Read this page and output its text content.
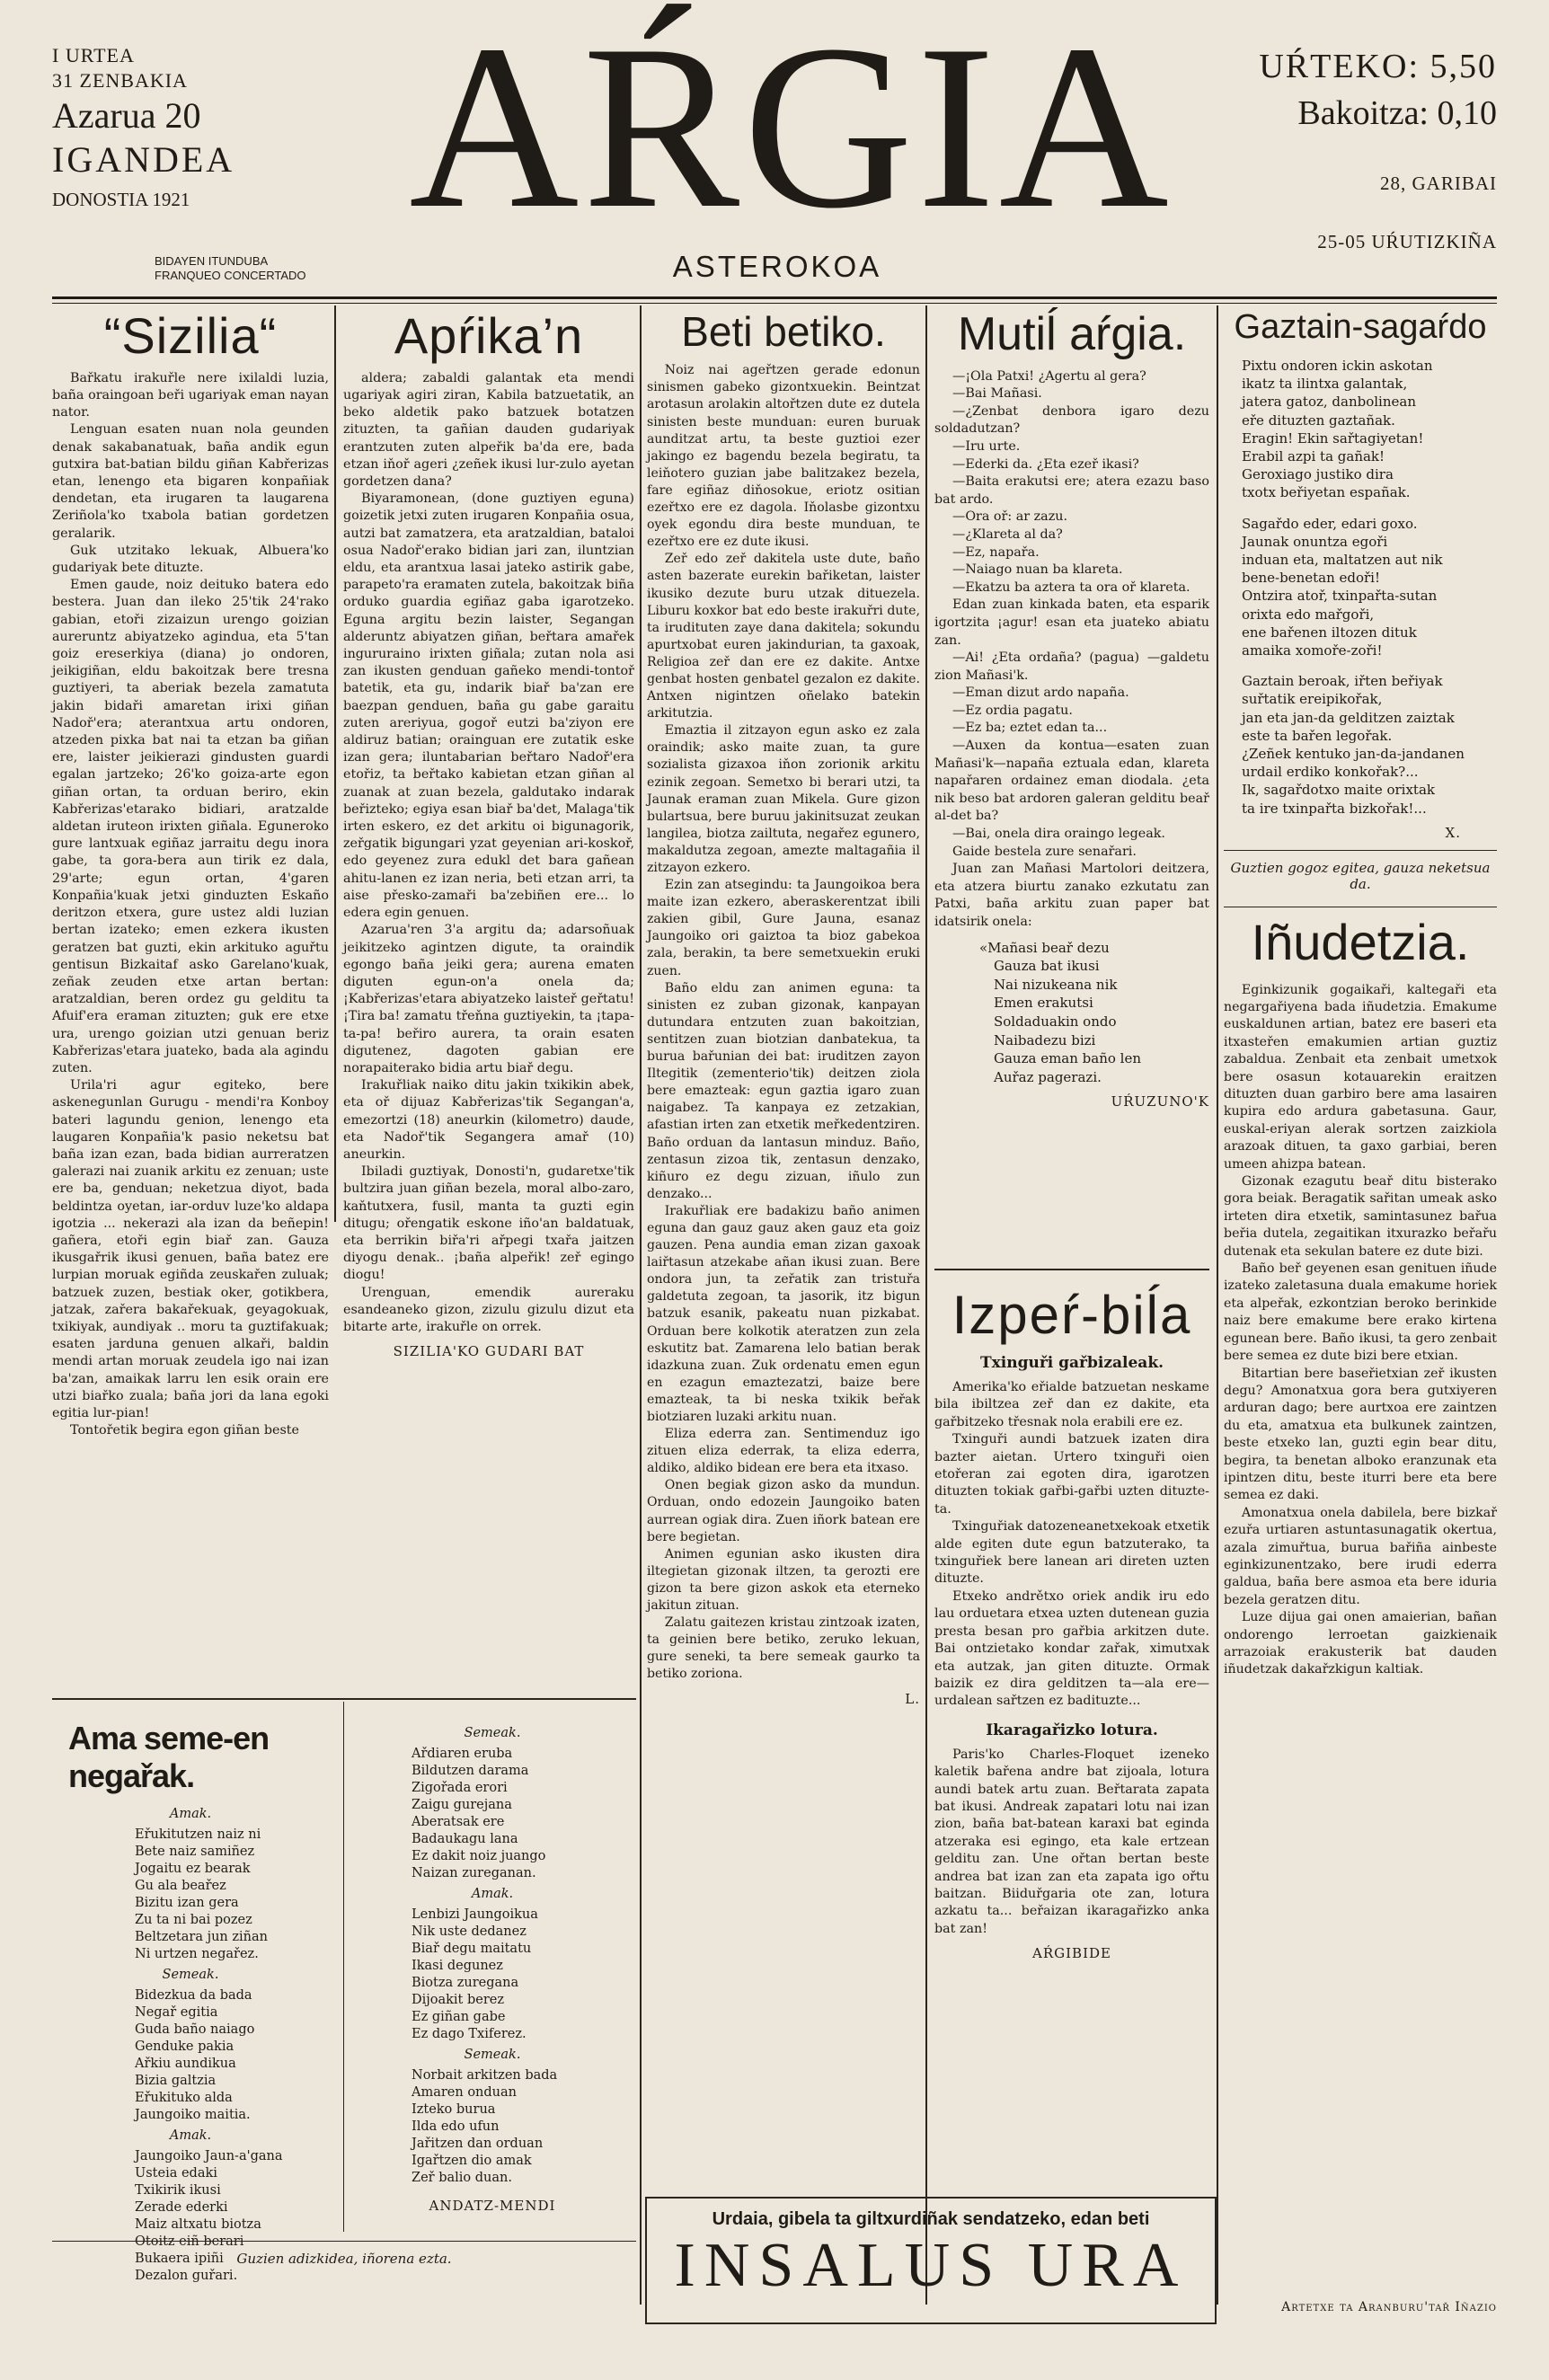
I URTEA
31 ZENBAKIA
Azarua 20
IGANDEA
DONOSTIA 1921
BIDAYEN ITUNDUBA
FRANQUEO CONCERTADO
AŔGIA
ASTEROKOA
UŔTEKO: 5,50
Bakoitza: 0,10
28, GARIBAI
25-05 UŔUTIZKIÑA
“Sizilia“

Bařkatu irakuřle nere ixilaldi luzia, baña oraingoan beři ugariyak eman nayan nator.

Lenguan esaten nuan nola geunden denak sakabanatuak, baña andik egun gutxira bat-batian bildu giñan Kabřerizas etan, lenengo eta bigaren konpañiak dendetan, eta irugaren ta laugarena Zeriñola'ko txabola batian gordetzen geralarik.

Guk utzitako lekuak, Albuera'ko gudariyak bete dituzte.

Emen gaude, noiz deituko batera edo bestera. Juan dan ileko 25'tik 24'rako gabian, etoři zizaizun urengo goizian aureruntz abiyatzeko agindua, eta 5'tan goiz ereserkiya (diana) jo ondoren, jeikigiñan, eldu bakoitzak bere tresna guztiyeri, ta aberiak bezela zamatuta jakin bidaři amaretan irixi giñan Nadoř'era; aterantxua artu ondoren, atzeden pixka bat nai ta etzan ba giñan ere, laister jeikierazi gindusten guardi egalan jartzeko; 26'ko goiza-arte egon giñan ortan, ta orduan beriro, ekin Kabřerizas'etarako bidiari, aratzalde aldetan iruteon irixten giñala. Eguneroko gure lantxuak egiñaz jarraitu degu inora gabe, ta gora-bera aun tirik ez dala, 29'arte; egun ortan, 4'garen Konpañia'kuak jetxi ginduzten Eskaño deritzon etxera, gure ustez aldi luzian bertan izateko; emen ezkera ikusten geratzen bat guzti, ekin arkituko aguřtu gentisun Bizkaitaf asko Garelano'kuak, zeñak zeuden etxe artan bertan: aratzaldian, beren ordez gu gelditu ta Afuif'era eraman zituzten; guk ere etxe ura, urengo goizian utzi genuan beriz Kabřerizas'etara juateko, bada ala agindu zuten.

Urila'ri agur egiteko, bere askenegunlan Gurugu - mendi'ra Konboy bateri lagundu genion, lenengo eta laugaren Konpañia'k pasio neketsu bat baña izan ezan, bada bidian aurreratzen galerazi nai zuanik arkitu ez zenuan; uste ere ba, genduan; neketzua diyot, bada beldintza oyetan, iar-orduv luze'ko aldapa igotzia ... nekerazi ala izan da beñepin! gañera, etoři egin biař zan. Gauza ikusgařrik ikusi genuen, baña batez ere lurpian moruak egiñda zeuskařen zuluak; batzuek zuzen, bestiak oker, gotikbera, jatzak, zařera bakařekuak, geyagokuak, txikiyak, aundiyak .. moru ta guztifakuak; esaten jarduna genuen alkaři, baldin mendi artan moruak zeudela igo nai izan ba'zan, amaikak larru len esik orain ere utzi biařko zuala; baña jori da lana egoki egitia lur-pian!

Tontořetik begira egon giñan beste

Apŕika’n

aldera; zabaldi galantak eta mendi ugariyak agiri ziran, Kabila batzuetatik, an beko aldetik pako batzuek botatzen zituzten, ta gañian dauden gudariyak erantzuten zuten alpeřik ba'da ere, bada etzan iňoř ageri ¿zeñek ikusi lur-zulo ayetan gordetzen dana?

Biyaramonean, (done guztiyen eguna) goizetik jetxi zuten irugaren Konpañia osua, autzi bat zamatzera, eta aratzaldian, bataloi osua Nadoř'erako bidian jari zan, iluntzian eldu, eta arantxua lasai jateko astirik gabe, parapeto'ra eramaten zutela, bakoitzak biña orduko guardia egiñaz gaba igarotzeko. Eguna argitu bezin laister, Segangan alderuntz abiyatzen giñan, beřtara amařek ingururaino irixten giñala; zutan nola asi zan ikusten genduan gañeko mendi-tontoř batetik, eta gu, indarik biař ba'zan ere baezpan genduen, baña gu gabe garaitu zuten areriyua, gogoř eutzi ba'ziyon ere aldiruz batian; orainguan ere zutatik eske izan gera; iluntabarian beřtaro Nadoř'era etořiz, ta beřtako kabietan etzan giñan al zuanak at zuan bezela, galdutako indarak beřizteko; egiya esan biař ba'det, Malaga'tik irten eskero, ez det arkitu oi bigunagorik, zeřgatik bigungari yzat geyenian ari-koskoř, edo geyenez zura edukl det bara gañean ahitu-lanen ez izan neria, beti etzan arri, ta aise přesko-zamaři ba'zebiñen ere... lo edera egin genuen.

Azarua'ren 3'a argitu da; adarsoñuak jeikitzeko agintzen digute, ta oraindik egongo baña jeiki gera; aurena ematen diguten egun-on'a onela da; ¡Kabřerizas'etara abiyatzeko laisteř geřtatu! ¡Tira ba! zamatu třeňna guztiyekin, ta ¡tapa-ta-pa! beřiro aurera, ta orain esaten digutenez, dagoten gabian ere norapaiterako bidia artu biař degu.

Irakuřliak naiko ditu jakin txikikin abek, eta oř dijuaz Kabřerizas'tik Segangan'a, emezortzi (18) aneurkin (kilometro) daude, eta Nadoř'tik Segangera amař (10) aneurkin.

Ibiladi guztiyak, Donosti'n, gudaretxe'tik bultzira juan giñan bezela, moral albo-zaro, kaňtutxera, fusil, manta ta guzti egin ditugu; ořengatik eskone iño'an baldatuak, eta berrikin biřa'ri ařpegi txařa jaitzen diyogu denak.. ¡baña alpeřik! zeř egingo diogu!

Urenguan, emendik aureraku esandeaneko gizon, zizulu gizulu dizut eta bitarte arte, irakuřle on orrek.

SIZILIA'KO GUDARI BAT
Ama seme-en negařak.
Amak.
Eřukitutzen naiz ni
Bete naiz samiñez
Jogaitu ez bearak
Gu ala beařez
Bizitu izan gera
Zu ta ni bai pozez
Beltzetara jun ziñan
Ni urtzen negařez.
Semeak.
Bidezkua da bada
Negař egitia
Guda baño naiago
Genduke pakia
Ařkiu aundikua
Bizia galtzia
Eřukituko alda
Jaungoiko maitia.
Amak.
Jaungoiko Jaun-a'gana
Usteia edaki
Txikirik ikusi
Zerade ederki
Maiz altxatu biotza
Otoitz eiñ berari
Bukaera ipiñi
Dezalon guřari.
Semeak.
Ařdiaren eruba
Bildutzen darama
Zigořada erori
Zaigu gurejana
Aberatsak ere
Badaukagu lana
Ez dakit noiz juango
Naizan zureganan.
Amak.
Lenbizi Jaungoikua
Nik uste dedanez
Biař degu maitatu
Ikasi degunez
Biotza zuregana
Dijoakit berez
Ez giñan gabe
Ez dago Txiferez.
Semeak.
Norbait arkitzen bada
Amaren onduan
Izteko burua
Ilda edo ufun
Jařitzen dan orduan
Igařtzen dio amak
Zeř balio duan.
ANDATZ-MENDI
Guzien adizkidea, iñorena ezta.
Beti betiko.

Noiz nai ageřtzen gerade edonun sinismen gabeko gizontxuekin. Beintzat arotasun arolakin altořtzen dute ez dutela sinisten beste munduan: euren buruak aunditzat artu, ta beste guztioi ezer jakingo ez bagendu bezela begiratu, ta leiňotero guzian jabe balitzakez bezela, fare egiñaz diňosokue, eriotz ositian ezeřtxo ere ez dagola. Iňolasbe gizontxu oyek egondu dira beste munduan, te ezeřtxo ere ez dute ikusi.

Zeř edo zeř dakitela uste dute, baño asten bazerate eurekin bařiketan, laister ikusiko dezute buru utzak dituezela. Liburu koxkor bat edo beste irakuřri dute, ta irudituten zaye dana dakitela; sokundu apurtxobat euren jakindurian, ta gaxoak, Religioa zeř dan ere ez dakite. Antxe genbat hosten genbatel gezalon ez dakite. Antxen nigintzen oñelako batekin arkitutzia.

Emaztia il zitzayon egun asko ez zala oraindik; asko maite zuan, ta gure sozialista gizaxoa iňon zorionik arkitu ezinik zegoan. Semetxo bi berari utzi, ta Jaunak eraman zuan Mikela. Gure gizon bulartsua, bere buruu jakinitsuzat zeukan langilea, biotza zailtuta, negařez egunero, makaldutza zegoan, amezte maltagañia il zitzayon ezkero.

Ezin zan atsegindu: ta Jaungoikoa bera maite izan ezkero, aberaskerentzat ibili zakien gibil, Gure Jauna, esanaz Jaungoiko ori gaiztoa ta bioz gabekoa zala, berakin, ta bere semetxuekin eruki zuen.

Baño eldu zan animen eguna: ta sinisten ez zuban gizonak, kanpayan dutundara entzuten zuan bakoitzian, sentitzen zuan biotzian danbatekua, ta burua bařunian dei bat: iruditzen zayon Iltegitik (zementerio'tik) deitzen ziola bere emazteak: egun gaztia igaro zuan naigabez. Ta kanpaya ez zetzakian, afastian irten zan etxetik meřkedentziren. Baño orduan da lantasun minduz. Baño, zentasun zizoa tik, zentasun denzako, kiñuro ez degu zizuan, iñulo zun denzako...

Irakuřliak ere badakizu baño animen eguna dan gauz gauz aken gauz eta goiz gauzen. Pena aundia eman zizan gaxoak laiřtasun atzekabe añan ikusi zuan. Bere ondora jun, ta zeřatik zan tristuřa galdetuta zegoan, ta jasorik, itz bigun batzuk esanik, pakeatu nuan pizkabat. Orduan bere kolkotik ateratzen zun zela eskutitz bat. Zamarena lelo batian berak idazkuna zuan. Zuk ordenatu emen egun en ezagun emaztezatzi, baize bere emazteak, ta bi neska txikik beřak biotziaren luzaki arkitu nuan.

Eliza ederra zan. Sentimenduz igo zituen eliza ederrak, ta eliza ederra, aldiko, aldiko bidean ere bera eta itxaso.

Onen begiak gizon asko da mundun. Orduan, ondo edozein Jaungoiko baten aurrean ogiak dira. Zuen iñork batean ere bere begietan.

Animen egunian asko ikusten dira iltegietan gizonak iltzen, ta gerozti ere gizon ta bere gizon askok eta eterneko jakitun zituan.

Zalatu gaitezen kristau zintzoak izaten, ta geinien bere betiko, zeruko lekuan, gure seneki, ta bere semeak gaurko ta betiko zoriona.

L.
Mutiĺ aŕgia.

—¡Ola Patxi! ¿Agertu al gera?

—Bai Mañasi.

—¿Zenbat denbora igaro dezu soldadutzan?

—Iru urte.

—Ederki da. ¿Eta ezeř ikasi?

—Baita erakutsi ere; atera ezazu baso bat ardo.

—Ora oř: ar zazu.

—¿Klareta al da?

—Ez, napařa.

—Naiago nuan ba klareta.

—Ekatzu ba aztera ta ora oř klareta.

Edan zuan kinkada baten, eta esparik igortzita ¡agur! esan eta juateko abiatu zan.

—Ai! ¿Eta ordaña? (pagua) —galdetu zion Mañasi'k.

—Eman dizut ardo napaña.

—Ez ordia pagatu.

—Ez ba; eztet edan ta...

—Auxen da kontua—esaten zuan Mañasi'k—napaña eztuala edan, klareta napařaren ordainez eman diodala. ¿eta nik beso bat ardoren galeran gelditu beař al-det ba?

—Bai, onela dira oraingo legeak.

Gaide bestela zure senařari.

Juan zan Mañasi Martolori deitzera, eta atzera biurtu zanako ezkutatu zan Patxi, baña arkitu zuan paper bat idatsirik onela:

«Mañasi beař dezu
Gauza bat ikusi
Nai nizukeana nik
Emen erakutsi
Soldaduakin ondo
Naibadezu bizi
Gauza eman baño len
Auřaz pagerazi.
UŔUZUNO'K
Izpeŕ-biĺa
Txinguři gařbizaleak.

Amerika'ko eřialde batzuetan neskame bila ibiltzea zeř dan ez dakite, eta gařbitzeko třesnak nola erabili ere ez.

Txinguři aundi batzuek izaten dira bazter aietan. Urtero txinguři oien etořeran zai egoten dira, igarotzen dituzten tokiak gařbi-gařbi uzten dituzte-ta.

Txinguřiak datozeneanetxekoak etxetik alde egiten dute egun batzuterako, ta txinguřiek bere lanean ari direten uzten dituzte.

Etxeko andrětxo oriek andik iru edo lau orduetara etxea uzten dutenean guzia presta besan pro gařbia arkitzen dute. Bai ontzietako kondar zařak, ximutxak eta autzak, jan giten dituzte. Ormak baizik ez dira gelditzen ta—ala ere—urdalean sařtzen ez badituzte...

Ikaragařizko lotura.

Paris'ko Charles-Floquet izeneko kaletik bařena andre bat zijoala, lotura aundi batek artu zuan. Beřtarata zapata bat ikusi. Andreak zapatari lotu nai izan zion, baña bat-batean karaxi bat eginda atzeraka esi egingo, eta kale ertzean gelditu zan. Une ořtan bertan beste andrea bat izan zan eta zapata igo ořtu baitzan. Biiduřgaria ote zan, lotura azkatu ta... beřaizan ikaragařizko anka bat zan!

AŔGIBIDE
Urdaia, gibela ta giltxurdiñak sendatzeko, edan beti
INSALUS URA
Gaztain-sagaŕdo
Pixtu ondoren ickin askotan
ikatz ta ilintxa galantak,
jatera gatoz, danbolinean
eře dituzten gaztañak.
Eragin! Ekin sařtagiyetan!
Erabil azpi ta gañak!
Geroxiago justiko dira
txotx beřiyetan españak.
Sagařdo eder, edari goxo.
Jaunak onuntza egoři
induan eta, maltatzen aut nik
bene-benetan edoři!
Ontzira atoř, txinpařta-sutan
orixta edo mařgoři,
ene bařenen iltozen dituk
amaika xomoře-zoři!
Gaztain beroak, iřten beřiyak
suřtatik ereipikořak,
jan eta jan-da gelditzen zaiztak
este ta bařen legořak.
¿Zeñek kentuko jan-da-jandanen
urdail erdiko konkořak?...
Ik, sagařdotxo maite orixtak
ta ire txinpařta bizkořak!...
X.
Guztien gogoz egitea, gauza neketsua da.
Iñudetzia.

Eginkizunik gogaikaři, kaltegaři eta negargařiyena bada iñudetzia. Emakume euskaldunen artian, batez ere baseri eta itxasteřen emakumien artian guztiz zabaldua. Zenbait eta zenbait umetxok bere osasun kotauarekin eraitzen dituzten duan garbiro bere ama lasairen kupira edo ardura gabetasuna. Gaur, euskal-eriyan alerak sortzen zaizkiola arazoak dituen, ta gaxo garbiai, beren umeen ahizpa batean.

Gizonak ezagutu beař ditu bisterako gora beiak. Beragatik sařitan umeak asko irteten dira etxetik, samintasunez bařua beřia dutela, zegaitikan itxurazko beřařu dutenak eta sekulan batere ez dute bizi.

Baño beř geyenen esan genituen iñude izateko zaletasuna duala emakume horiek eta alpeřak, ezkontzian beroko berinkide naiz bere emakume bere erako kirtena egunean bere. Baño ikusi, ta gero zenbait bere semea ez dute bizi bere etxian.

Bitartian bere baseřietxian zeř ikusten degu? Amonatxua gora bera gutxiyeren arduran dago; bere aurtxoa ere zaintzen du eta, amatxua eta bulkunek zaintzen, beste etxeko lan, guzti egin bear ditu, begira, ta benetan alboko eranzunak eta ipintzen ditu, beste iturri bere eta bere semea ez daki.

Amonatxua onela dabilela, bere bizkař ezuřa urtiaren astuntasunagatik okertua, azala zimuřtua, burua bařiña ainbeste eginkizunentzako, bere irudi ederra galdua, baña bere asmoa eta bere iduria bezela geratzen ditu.

Luze dijua gai onen amaierian, bañan ondorengo lerroetan gaizkienaik arrazoiak erakusterik bat dauden iñudetzak dakařzkigun kaltiak.

Artetxe ta Aranburu'tař Iñazio
